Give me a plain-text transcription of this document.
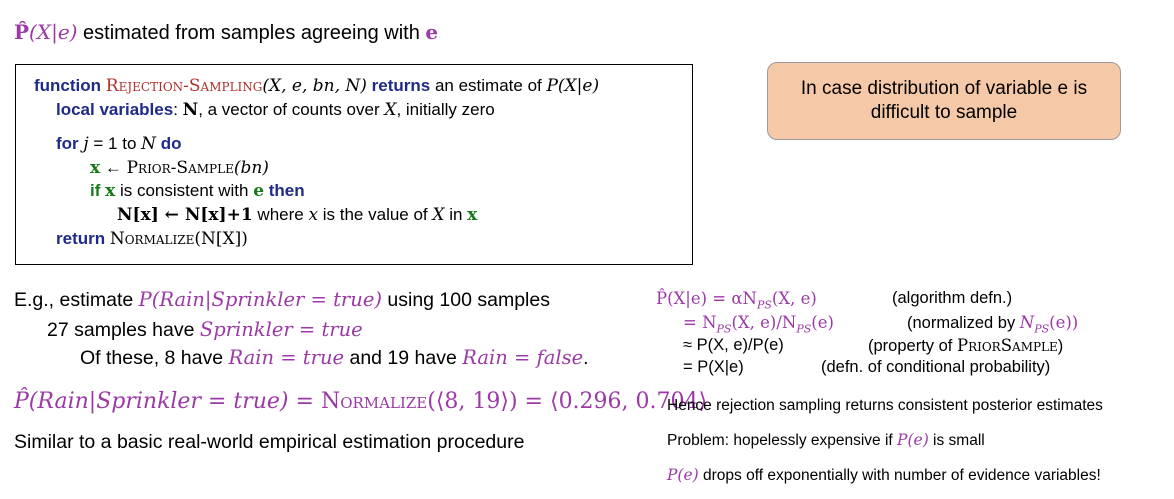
P̂(X|e) estimated from samples agreeing with e
function Rejection-Sampling(X, e, bn, N) returns an estimate of P(X|e)
local variables: N, a vector of counts over X, initially zero
for j = 1 to N do
x ← Prior-Sample(bn)
if x is consistent with e then
N[x] ← N[x]+1 where x is the value of X in x
return Normalize(N[X])
In case distribution of variable e is difficult to sample
E.g., estimate P(Rain|Sprinkler = true) using 100 samples
27 samples have Sprinkler = true
Of these, 8 have Rain = true and 19 have Rain = false.
P̂(Rain|Sprinkler = true) = Normalize(⟨8, 19⟩) = ⟨0.296, 0.704⟩
Similar to a basic real-world empirical estimation procedure
P̂(X|e) = $\alpha N_{PS}(X$, e)	(algorithm defn.)
= $N_{PS}(X$, $e)/N_{PS}(e)$	(normalized by $N_{PS}(e)$)
≈ P(X, e)/P(e)	(property of PriorSample)
= P(X|e)	(defn. of conditional probability)
Hence rejection sampling returns consistent posterior estimates
Problem: hopelessly expensive if P(e) is small
P(e) drops off exponentially with number of evidence variables!
